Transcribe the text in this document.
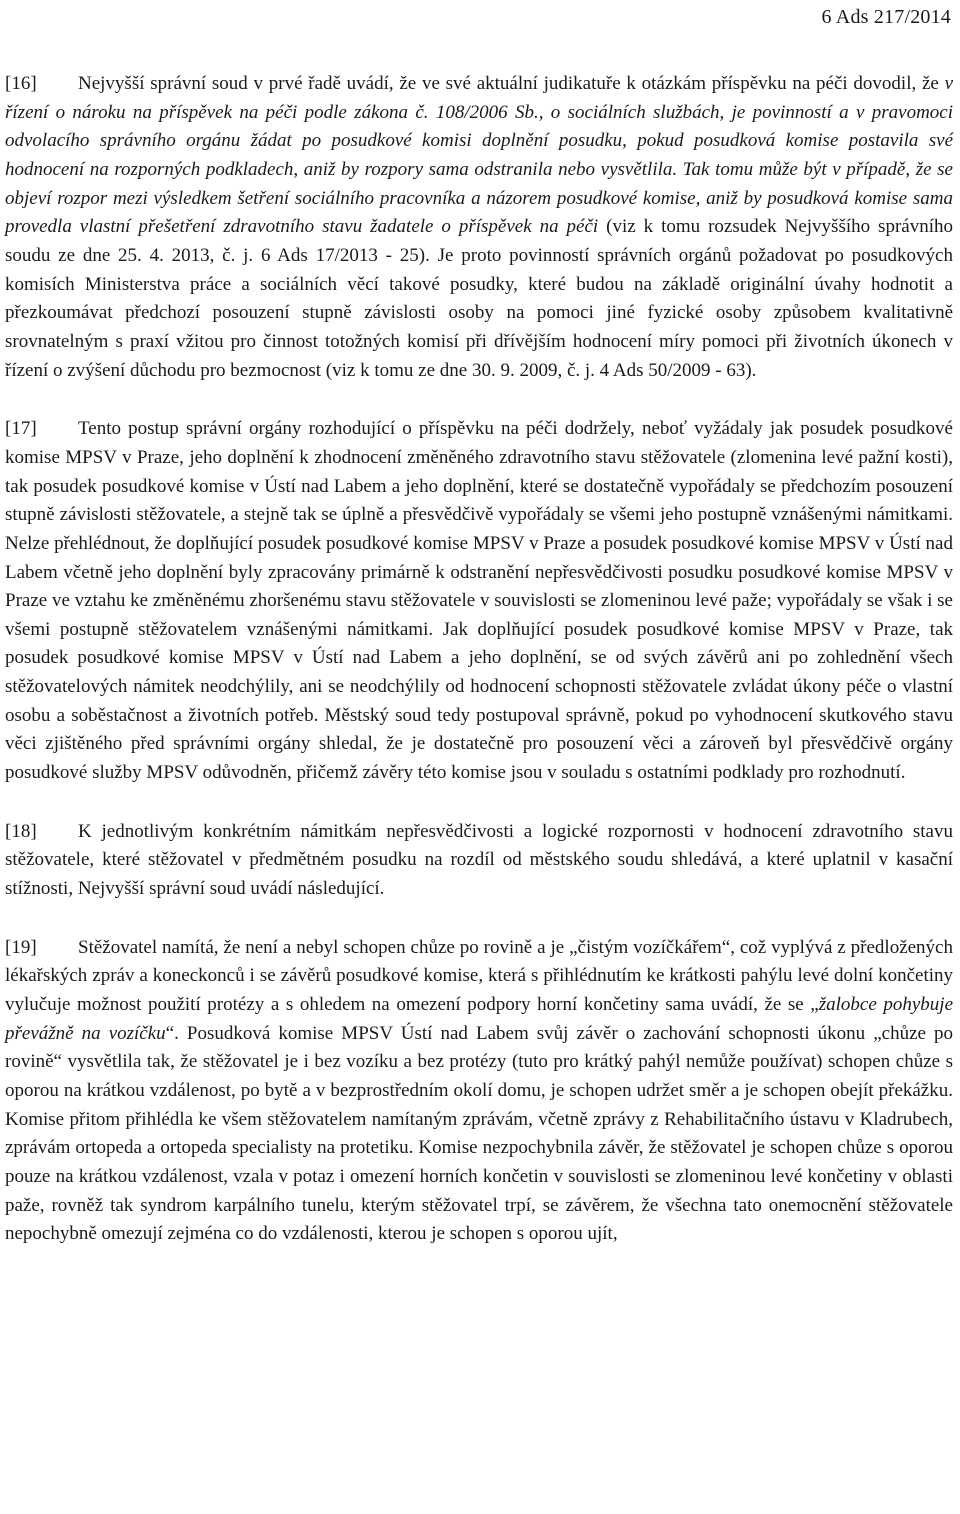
6 Ads 217/2014

[16] Nejvyšší správní soud v prvé řadě uvádí, že ve své aktuální judikatuře k otázkám příspěvku na péči dovodil, že v řízení o nároku na příspěvek na péči podle zákona č. 108/2006 Sb., o sociálních službách, je povinností a v pravomoci odvolacího správního orgánu žádat po posudkové komisi doplnění posudku, pokud posudková komise postavila své hodnocení na rozporných podkladech, aniž by rozpory sama odstranila nebo vysvětlila. Tak tomu může být v případě, že se objeví rozpor mezi výsledkem šetření sociálního pracovníka a názorem posudkové komise, aniž by posudková komise sama provedla vlastní přešetření zdravotního stavu žadatele o příspěvek na péči (viz k tomu rozsudek Nejvyššího správního soudu ze dne 25. 4. 2013, č. j. 6 Ads 17/2013 - 25). Je proto povinností správních orgánů požadovat po posudkových komisích Ministerstva práce a sociálních věcí takové posudky, které budou na základě originální úvahy hodnotit a přezkoumávat předchozí posouzení stupně závislosti osoby na pomoci jiné fyzické osoby způsobem kvalitativně srovnatelným s praxí vžitou pro činnost totožných komisí při dřívějším hodnocení míry pomoci při životních úkonech v řízení o zvýšení důchodu pro bezmocnost (viz k tomu ze dne 30. 9. 2009, č. j. 4 Ads 50/2009 - 63).

[17] Tento postup správní orgány rozhodující o příspěvku na péči dodržely, neboť vyžádaly jak posudek posudkové komise MPSV v Praze, jeho doplnění k zhodnocení změněného zdravotního stavu stěžovatele (zlomenina levé pažní kosti), tak posudek posudkové komise v Ústí nad Labem a jeho doplnění, které se dostatečně vypořádaly se předchozím posouzení stupně závislosti stěžovatele, a stejně tak se úplně a přesvědčivě vypořádaly se všemi jeho postupně vznášenými námitkami. Nelze přehlédnout, že doplňující posudek posudkové komise MPSV v Praze a posudek posudkové komise MPSV v Ústí nad Labem včetně jeho doplnění byly zpracovány primárně k odstranění nepřesvědčivosti posudku posudkové komise MPSV v Praze ve vztahu ke změněnému zhoršenému stavu stěžovatele v souvislosti se zlomeninou levé paže; vypořádaly se však i se všemi postupně stěžovatelem vznášenými námitkami. Jak doplňující posudek posudkové komise MPSV v Praze, tak posudek posudkové komise MPSV v Ústí nad Labem a jeho doplnění, se od svých závěrů ani po zohlednění všech stěžovatelových námitek neodchýlily, ani se neodchýlily od hodnocení schopnosti stěžovatele zvládat úkony péče o vlastní osobu a soběstačnost a životních potřeb. Městský soud tedy postupoval správně, pokud po vyhodnocení skutkového stavu věci zjištěného před správními orgány shledal, že je dostatečně pro posouzení věci a zároveň byl přesvědčivě orgány posudkové služby MPSV odůvodněn, přičemž závěry této komise jsou v souladu s ostatními podklady pro rozhodnutí.

[18] K jednotlivým konkrétním námitkám nepřesvědčivosti a logické rozpornosti v hodnocení zdravotního stavu stěžovatele, které stěžovatel v předmětném posudku na rozdíl od městského soudu shledává, a které uplatnil v kasační stížnosti, Nejvyšší správní soud uvádí následující.

[19] Stěžovatel namítá, že není a nebyl schopen chůze po rovině a je „čistým vozíčkářem“, což vyplývá z předložených lékařských zpráv a koneckonců i se závěrů posudkové komise, která s přihlédnutím ke krátkosti pahýlu levé dolní končetiny vylučuje možnost použití protézy a s ohledem na omezení podpory horní končetiny sama uvádí, že se „žalobce pohybuje převážně na vozíčku“. Posudková komise MPSV Ústí nad Labem svůj závěr o zachování schopnosti úkonu „chůze po rovině“ vysvětlila tak, že stěžovatel je i bez vozíku a bez protézy (tuto pro krátký pahýl nemůže používat) schopen chůze s oporou na krátkou vzdálenost, po bytě a v bezprostředním okolí domu, je schopen udržet směr a je schopen obejít překážku. Komise přitom přihlédla ke všem stěžovatelem namítaným zprávám, včetně zprávy z Rehabilitačního ústavu v Kladrubech, zprávám ortopeda a ortopeda specialisty na protetiku. Komise nezpochybnila závěr, že stěžovatel je schopen chůze s oporou pouze na krátkou vzdálenost, vzala v potaz i omezení horních končetin v souvislosti se zlomeninou levé končetiny v oblasti paže, rovněž tak syndrom karpálního tunelu, kterým stěžovatel trpí, se závěrem, že všechna tato onemocnění stěžovatele nepochybně omezují zejména co do vzdálenosti, kterou je schopen s oporou ujít,
